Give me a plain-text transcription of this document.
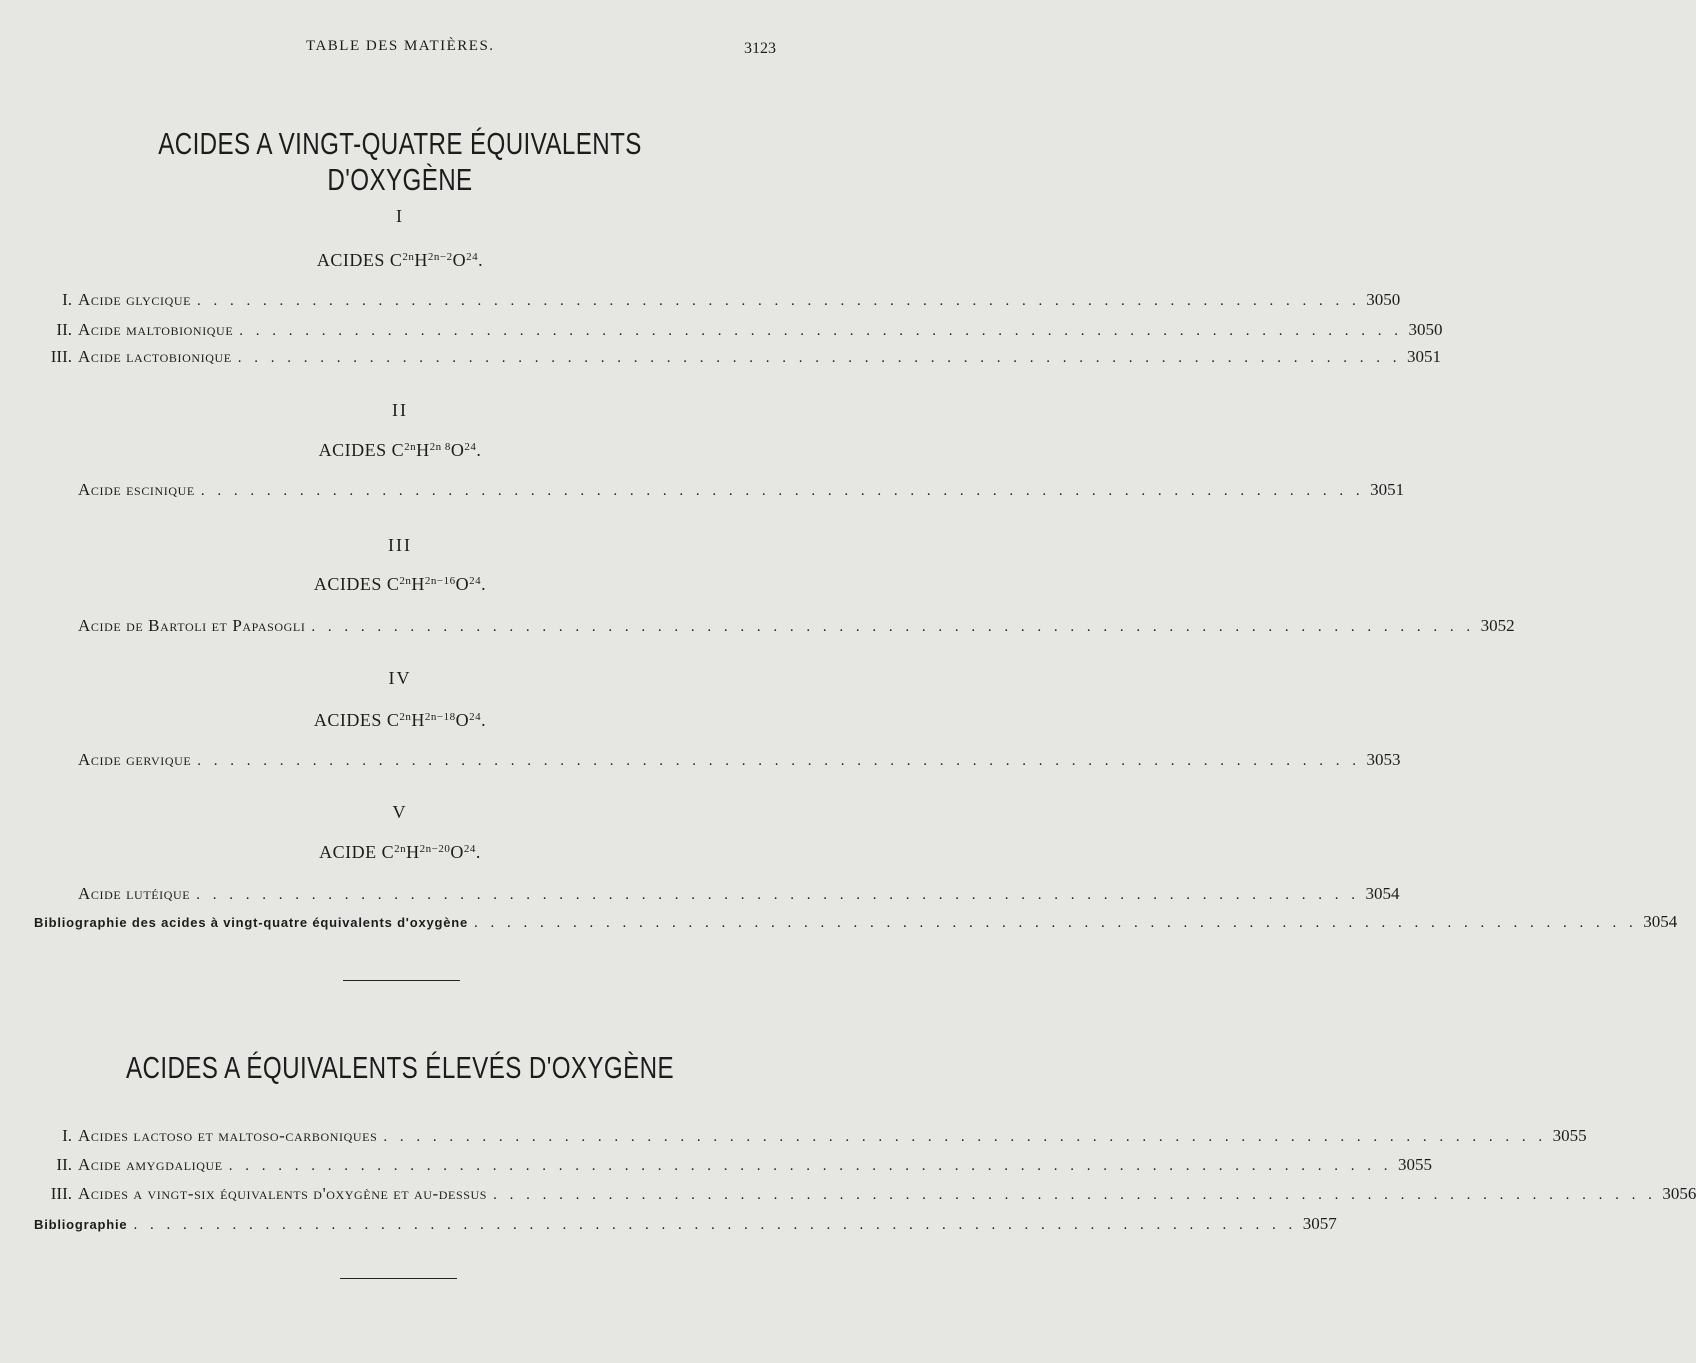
TABLE DES MATIÈRES.	3123
ACIDES A VINGT-QUATRE ÉQUIVALENTS D'OXYGÈNE
I
ACIDES $C^{2n}H^{2n-2}O^{24}$.
I. Acide glycique . . . . . . . . . . . . . . . . . . . . . . . . . . . . . . . . . . . . . . . . . . . . . . . . . . . . . . . . . . . . . . . . . . . . . . . 3050
II. Acide maltobionique . . . . . . . . . . . . . . . . . . . . . . . . . . . . . . . . . . . . . . . . . . . . . . . . . . . . . . . . . . . . . . . . . . . . . . . 3050
III. Acide lactobionique . . . . . . . . . . . . . . . . . . . . . . . . . . . . . . . . . . . . . . . . . . . . . . . . . . . . . . . . . . . . . . . . . . . . . . . 3051
II
ACIDES $C^{2n}H^{2n 8}O^{24}$.
Acide escinique . . . . . . . . . . . . . . . . . . . . . . . . . . . . . . . . . . . . . . . . . . . . . . . . . . . . . . . . . . . . . . . . . . . . . . . 3051
III
ACIDES $C^{2n}H^{2n-16}O^{24}$.
Acide de Bartoli et Papasogli . . . . . . . . . . . . . . . . . . . . . . . . . . . . . . . . . . . . . . . . . . . . . . . . . . . . . . . . . . . . . . . . . . . . . . . 3052
IV
ACIDES $C^{2n}H^{2n-18}O^{24}$.
Acide gervique . . . . . . . . . . . . . . . . . . . . . . . . . . . . . . . . . . . . . . . . . . . . . . . . . . . . . . . . . . . . . . . . . . . . . . . 3053
V
ACIDE $C^{2n}H^{2n-20}O^{24}$.
Acide lutéique . . . . . . . . . . . . . . . . . . . . . . . . . . . . . . . . . . . . . . . . . . . . . . . . . . . . . . . . . . . . . . . . . . . . . . . 3054
Bibliographie des acides à vingt-quatre équivalents d'oxygène . . . . . . . . . . . . . . . . . . . . . . . . . . . . . . . . . . . . . . . . . . . . . . . . . . . . . . . . . . . . . . . . . . . . . . . 3054
ACIDES A ÉQUIVALENTS ÉLEVÉS D'OXYGÈNE
I. Acides lactoso et maltoso-carboniques . . . . . . . . . . . . . . . . . . . . . . . . . . . . . . . . . . . . . . . . . . . . . . . . . . . . . . . . . . . . . . . . . . . . . . . 3055
II. Acide amygdalique . . . . . . . . . . . . . . . . . . . . . . . . . . . . . . . . . . . . . . . . . . . . . . . . . . . . . . . . . . . . . . . . . . . . . . . 3055
III. Acides a vingt-six équivalents d'oxygène et au-dessus . . . . . . . . . . . . . . . . . . . . . . . . . . . . . . . . . . . . . . . . . . . . . . . . . . . . . . . . . . . . . . . . . . . . . . . 3056
Bibliographie . . . . . . . . . . . . . . . . . . . . . . . . . . . . . . . . . . . . . . . . . . . . . . . . . . . . . . . . . . . . . . . . . . . . . . . 3057
